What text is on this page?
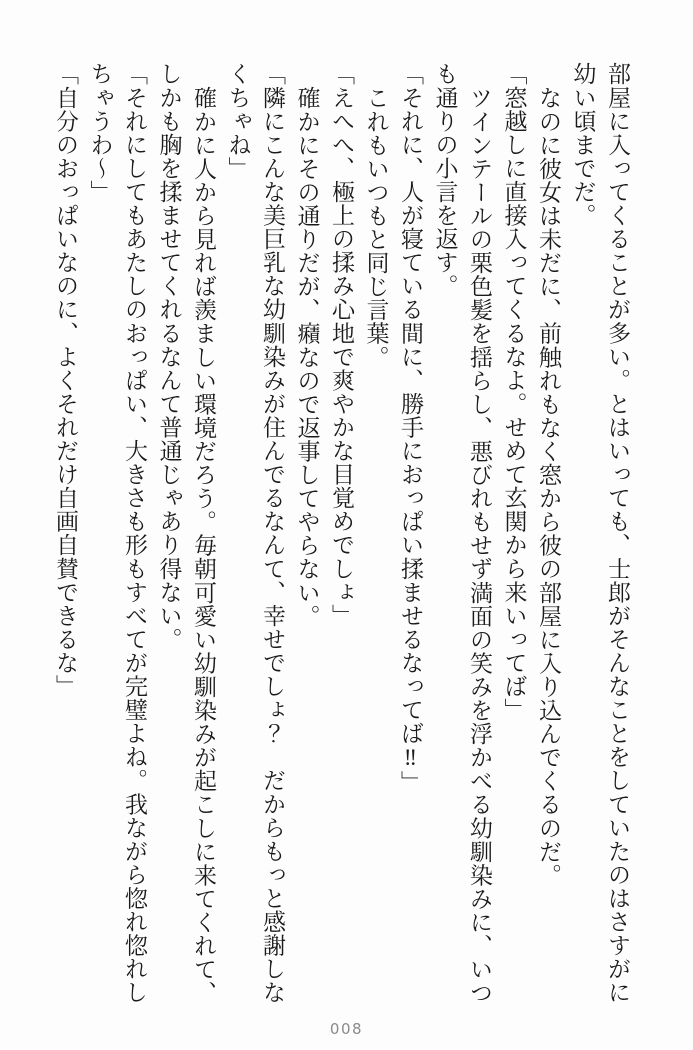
部屋に入ってくることが多い。とはいっても、士郎がそんなことをしていたのはさすがに幼い頃までだ。

なのに彼女は未だに、前触れもなく窓から彼の部屋に入り込んでくるのだ。

「窓越しに直接入ってくるなよ。せめて玄関から来いってば」

ツインテールの栗色髪を揺らし、悪びれもせず満面の笑みを浮かべる幼馴染みに、いつも通りの小言を返す。

「それに、人が寝ている間に、勝手におっぱい揉ませるなってば‼」

これもいつもと同じ言葉。

「えへへ、極上の揉み心地で爽やかな目覚めでしょ」

確かにその通りだが、癪なので返事してやらない。

「隣にこんな美巨乳な幼馴染みが住んでるなんて、幸せでしょ？　だからもっと感謝しなくちゃね」

確かに人から見れば羨ましい環境だろう。毎朝可愛い幼馴染みが起こしに来てくれて、しかも胸を揉ませてくれるなんて普通じゃあり得ない。

「それにしてもあたしのおっぱい、大きさも形もすべてが完璧よね。我ながら惚れ惚れしちゃうわ～」

「自分のおっぱいなのに、よくそれだけ自画自賛できるな」

008
